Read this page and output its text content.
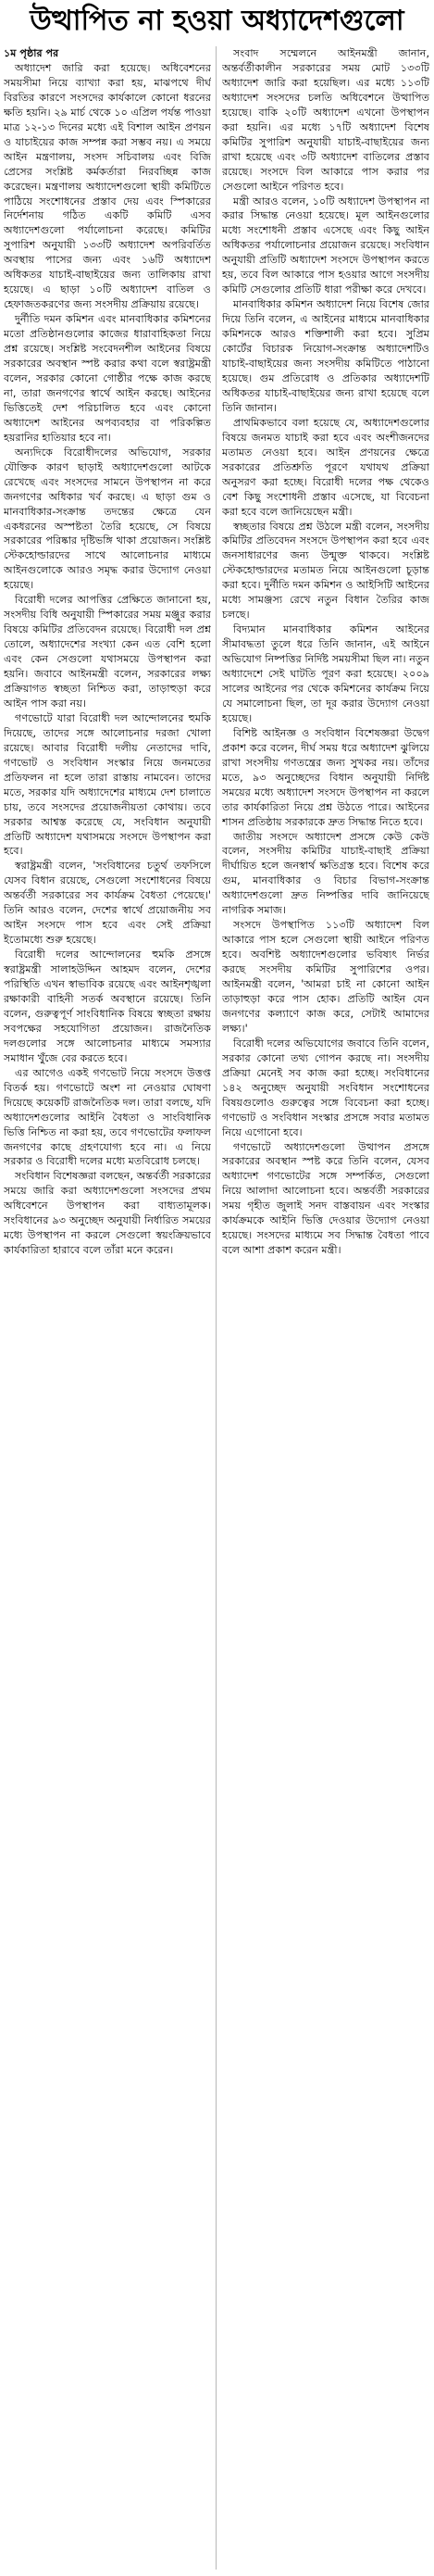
উত্থাপিত না হওয়া অধ্যাদেশগুলো

১ম পৃষ্ঠার পর

অধ্যাদেশ জারি করা হয়েছে। অধিবেশনের সময়সীমা নিয়ে ব্যাখ্যা করা হয়, মাঝপথে দীর্ঘ বিরতির কারণে সংসদের কার্যকালে কোনো ধরনের ক্ষতি হয়নি। ২৯ মার্চ থেকে ১০ এপ্রিল পর্যন্ত পাওয়া মাত্র ১২-১৩ দিনের মধ্যে এই বিশাল আইন প্রণয়ন ও যাচাইয়ের কাজ সম্পন্ন করা সম্ভব নয়। এ সময়ে আইন মন্ত্রণালয়, সংসদ সচিবালয় এবং বিজি প্রেসের সংশ্লিষ্ট কর্মকর্তারা নিরবচ্ছিন্ন কাজ করেছেন। মন্ত্রণালয় অধ্যাদেশগুলো স্থায়ী কমিটিতে পাঠিয়ে সংশোধনের প্রস্তাব দেয় এবং স্পিকারের নির্দেশনায় গঠিত একটি কমিটি এসব অধ্যাদেশগুলো পর্যালোচনা করেছে। কমিটির সুপারিশ অনুযায়ী ১৩৩টি অধ্যাদেশ অপরিবর্তিত অবস্থায় পাসের জন্য এবং ১৬টি অধ্যাদেশ অধিকতর যাচাই-বাছাইয়ের জন্য তালিকায় রাখা হয়েছে। এ ছাড়া ১০টি অধ্যাদেশ বাতিল ও হেফাজতকরণের জন্য সংসদীয় প্রক্রিয়ায় রয়েছে।

দুর্নীতি দমন কমিশন এবং মানবাধিকার কমিশনের মতো প্রতিষ্ঠানগুলোর কাজের ধারাবাহিকতা নিয়ে প্রশ্ন রয়েছে। সংশ্লিষ্ট সংবেদনশীল আইনের বিষয়ে সরকারের অবস্থান স্পষ্ট করার কথা বলে স্বরাষ্ট্রমন্ত্রী বলেন, সরকার কোনো গোষ্ঠীর পক্ষে কাজ করছে না, তারা জনগণের স্বার্থে আইন করছে। আইনের ভিত্তিতেই দেশ পরিচালিত হবে এবং কোনো অধ্যাদেশ আইনের অপব্যবহার বা পরিকল্পিত হয়রানির হাতিয়ার হবে না।

অন্যদিকে বিরোধীদলের অভিযোগ, সরকার যৌক্তিক কারণ ছাড়াই অধ্যাদেশগুলো আটকে রেখেছে এবং সংসদের সামনে উপস্থাপন না করে জনগণের অধিকার খর্ব করছে। এ ছাড়া গুম ও মানবাধিকার-সংক্রান্ত তদন্তের ক্ষেত্রে যেন একধরনের অস্পষ্টতা তৈরি হয়েছে, সে বিষয়ে সরকারের পরিষ্কার দৃষ্টিভঙ্গি থাকা প্রয়োজন। সংশ্লিষ্ট স্টেকহোল্ডারদের সাথে আলোচনার মাধ্যমে আইনগুলোকে আরও সমৃদ্ধ করার উদ্যোগ নেওয়া হয়েছে।

বিরোধী দলের আপত্তির প্রেক্ষিতে জানানো হয়, সংসদীয় বিধি অনুযায়ী স্পিকারের সময় মঞ্জুর করার বিষয়ে কমিটির প্রতিবেদন রয়েছে। বিরোধী দল প্রশ্ন তোলে, অধ্যাদেশের সংখ্যা কেন এত বেশি হলো এবং কেন সেগুলো যথাসময়ে উপস্থাপন করা হয়নি। জবাবে আইনমন্ত্রী বলেন, সরকারের লক্ষ্য প্রক্রিয়াগত স্বচ্ছতা নিশ্চিত করা, তাড়াহুড়া করে আইন পাস করা নয়।

গণভোটে যারা বিরোধী দল আন্দোলনের হুমকি দিয়েছে, তাদের সঙ্গে আলোচনার দরজা খোলা রয়েছে। আবার বিরোধী দলীয় নেতাদের দাবি, গণভোট ও সংবিধান সংস্কার নিয়ে জনমতের প্রতিফলন না হলে তারা রাস্তায় নামবেন। তাদের মতে, সরকার যদি অধ্যাদেশের মাধ্যমে দেশ চালাতে চায়, তবে সংসদের প্রয়োজনীয়তা কোথায়। তবে সরকার আশ্বস্ত করেছে যে, সংবিধান অনুযায়ী প্রতিটি অধ্যাদেশ যথাসময়ে সংসদে উপস্থাপন করা হবে।

স্বরাষ্ট্রমন্ত্রী বলেন, 'সংবিধানের চতুর্থ তফসিলে যেসব বিধান রয়েছে, সেগুলো সংশোধনের বিষয়ে অন্তর্বর্তী সরকারের সব কার্যক্রম বৈধতা পেয়েছে।' তিনি আরও বলেন, দেশের স্বার্থে প্রয়োজনীয় সব আইন সংসদে পাস হবে এবং সেই প্রক্রিয়া ইতোমধ্যে শুরু হয়েছে।

বিরোধী দলের আন্দোলনের হুমকি প্রসঙ্গে স্বরাষ্ট্রমন্ত্রী সালাহউদ্দিন আহমদ বলেন, দেশের পরিস্থিতি এখন স্বাভাবিক রয়েছে এবং আইনশৃঙ্খলা রক্ষাকারী বাহিনী সতর্ক অবস্থানে রয়েছে। তিনি বলেন, গুরুত্বপূর্ণ সাংবিধানিক বিষয়ে স্বচ্ছতা রক্ষায় সবপক্ষের সহযোগিতা প্রয়োজন। রাজনৈতিক দলগুলোর সঙ্গে আলোচনার মাধ্যমে সমস্যার সমাধান খুঁজে বের করতে হবে।

এর আগেও একই গণভোট নিয়ে সংসদে উত্তপ্ত বিতর্ক হয়। গণভোটে অংশ না নেওয়ার ঘোষণা দিয়েছে কয়েকটি রাজনৈতিক দল। তারা বলছে, যদি অধ্যাদেশগুলোর আইনি বৈধতা ও সাংবিধানিক ভিত্তি নিশ্চিত না করা হয়, তবে গণভোটের ফলাফল জনগণের কাছে গ্রহণযোগ্য হবে না। এ নিয়ে সরকার ও বিরোধী দলের মধ্যে মতবিরোধ চলছে।

সংবিধান বিশেষজ্ঞরা বলছেন, অন্তর্বর্তী সরকারের সময়ে জারি করা অধ্যাদেশগুলো সংসদের প্রথম অধিবেশনে উপস্থাপন করা বাধ্যতামূলক। সংবিধানের ৯৩ অনুচ্ছেদ অনুযায়ী নির্ধারিত সময়ের মধ্যে উপস্থাপন না করলে সেগুলো স্বয়ংক্রিয়ভাবে কার্যকারিতা হারাবে বলে তাঁরা মনে করেন।

সংবাদ সম্মেলনে আইনমন্ত্রী জানান, অন্তর্বর্তীকালীন সরকারের সময় মোট ১৩৩টি অধ্যাদেশ জারি করা হয়েছিল। এর মধ্যে ১১৩টি অধ্যাদেশ সংসদের চলতি অধিবেশনে উত্থাপিত হয়েছে। বাকি ২০টি অধ্যাদেশ এখনো উপস্থাপন করা হয়নি। এর মধ্যে ১৭টি অধ্যাদেশ বিশেষ কমিটির সুপারিশ অনুযায়ী যাচাই-বাছাইয়ের জন্য রাখা হয়েছে এবং ৩টি অধ্যাদেশ বাতিলের প্রস্তাব রয়েছে। সংসদে বিল আকারে পাস করার পর সেগুলো আইনে পরিণত হবে।

মন্ত্রী আরও বলেন, ১০টি অধ্যাদেশ উপস্থাপন না করার সিদ্ধান্ত নেওয়া হয়েছে। মূল আইনগুলোর মধ্যে সংশোধনী প্রস্তাব এসেছে এবং কিছু আইন অধিকতর পর্যালোচনার প্রয়োজন রয়েছে। সংবিধান অনুযায়ী প্রতিটি অধ্যাদেশ সংসদে উপস্থাপন করতে হয়, তবে বিল আকারে পাস হওয়ার আগে সংসদীয় কমিটি সেগুলোর প্রতিটি ধারা পরীক্ষা করে দেখবে।

মানবাধিকার কমিশন অধ্যাদেশ নিয়ে বিশেষ জোর দিয়ে তিনি বলেন, এ আইনের মাধ্যমে মানবাধিকার কমিশনকে আরও শক্তিশালী করা হবে। সুপ্রিম কোর্টের বিচারক নিয়োগ-সংক্রান্ত অধ্যাদেশটিও যাচাই-বাছাইয়ের জন্য সংসদীয় কমিটিতে পাঠানো হয়েছে। গুম প্রতিরোধ ও প্রতিকার অধ্যাদেশটি অধিকতর যাচাই-বাছাইয়ের জন্য রাখা হয়েছে বলে তিনি জানান।

প্রাথমিকভাবে বলা হয়েছে যে, অধ্যাদেশগুলোর বিষয়ে জনমত যাচাই করা হবে এবং অংশীজনদের মতামত নেওয়া হবে। আইন প্রণয়নের ক্ষেত্রে সরকারের প্রতিশ্রুতি পূরণে যথাযথ প্রক্রিয়া অনুসরণ করা হচ্ছে। বিরোধী দলের পক্ষ থেকেও বেশ কিছু সংশোধনী প্রস্তাব এসেছে, যা বিবেচনা করা হবে বলে জানিয়েছেন মন্ত্রী।

স্বচ্ছতার বিষয়ে প্রশ্ন উঠলে মন্ত্রী বলেন, সংসদীয় কমিটির প্রতিবেদন সংসদে উপস্থাপন করা হবে এবং জনসাধারণের জন্য উন্মুক্ত থাকবে। সংশ্লিষ্ট স্টেকহোল্ডারদের মতামত নিয়ে আইনগুলো চূড়ান্ত করা হবে। দুর্নীতি দমন কমিশন ও আইসিটি আইনের মধ্যে সামঞ্জস্য রেখে নতুন বিধান তৈরির কাজ চলছে।

বিদ্যমান মানবাধিকার কমিশন আইনের সীমাবদ্ধতা তুলে ধরে তিনি জানান, এই আইনে অভিযোগ নিষ্পত্তির নির্দিষ্ট সময়সীমা ছিল না। নতুন অধ্যাদেশে সেই ঘাটতি পূরণ করা হয়েছে। ২০০৯ সালের আইনের পর থেকে কমিশনের কার্যক্রম নিয়ে যে সমালোচনা ছিল, তা দূর করার উদ্যোগ নেওয়া হয়েছে।

বিশিষ্ট আইনজ্ঞ ও সংবিধান বিশেষজ্ঞরা উদ্বেগ প্রকাশ করে বলেন, দীর্ঘ সময় ধরে অধ্যাদেশ ঝুলিয়ে রাখা সংসদীয় গণতন্ত্রের জন্য সুখকর নয়। তাঁদের মতে, ৯৩ অনুচ্ছেদের বিধান অনুযায়ী নির্দিষ্ট সময়ের মধ্যে অধ্যাদেশ সংসদে উপস্থাপন না করলে তার কার্যকারিতা নিয়ে প্রশ্ন উঠতে পারে। আইনের শাসন প্রতিষ্ঠায় সরকারকে দ্রুত সিদ্ধান্ত নিতে হবে।

জাতীয় সংসদে অধ্যাদেশ প্রসঙ্গে কেউ কেউ বলেন, সংসদীয় কমিটির যাচাই-বাছাই প্রক্রিয়া দীর্ঘায়িত হলে জনস্বার্থ ক্ষতিগ্রস্ত হবে। বিশেষ করে গুম, মানবাধিকার ও বিচার বিভাগ-সংক্রান্ত অধ্যাদেশগুলো দ্রুত নিষ্পত্তির দাবি জানিয়েছে নাগরিক সমাজ।

সংসদে উপস্থাপিত ১১৩টি অধ্যাদেশ বিল আকারে পাস হলে সেগুলো স্থায়ী আইনে পরিণত হবে। অবশিষ্ট অধ্যাদেশগুলোর ভবিষ্যৎ নির্ভর করছে সংসদীয় কমিটির সুপারিশের ওপর। আইনমন্ত্রী বলেন, 'আমরা চাই না কোনো আইন তাড়াহুড়া করে পাস হোক। প্রতিটি আইন যেন জনগণের কল্যাণে কাজ করে, সেটাই আমাদের লক্ষ্য।'

বিরোধী দলের অভিযোগের জবাবে তিনি বলেন, সরকার কোনো তথ্য গোপন করছে না। সংসদীয় প্রক্রিয়া মেনেই সব কাজ করা হচ্ছে। সংবিধানের ১৪২ অনুচ্ছেদ অনুযায়ী সংবিধান সংশোধনের বিষয়গুলোও গুরুত্বের সঙ্গে বিবেচনা করা হচ্ছে। গণভোট ও সংবিধান সংস্কার প্রসঙ্গে সবার মতামত নিয়ে এগোনো হবে।

গণভোটে অধ্যাদেশগুলো উত্থাপন প্রসঙ্গে সরকারের অবস্থান স্পষ্ট করে তিনি বলেন, যেসব অধ্যাদেশ গণভোটের সঙ্গে সম্পর্কিত, সেগুলো নিয়ে আলাদা আলোচনা হবে। অন্তর্বর্তী সরকারের সময় গৃহীত জুলাই সনদ বাস্তবায়ন এবং সংস্কার কার্যক্রমকে আইনি ভিত্তি দেওয়ার উদ্যোগ নেওয়া হয়েছে। সংসদের মাধ্যমে সব সিদ্ধান্ত বৈধতা পাবে বলে আশা প্রকাশ করেন মন্ত্রী।
